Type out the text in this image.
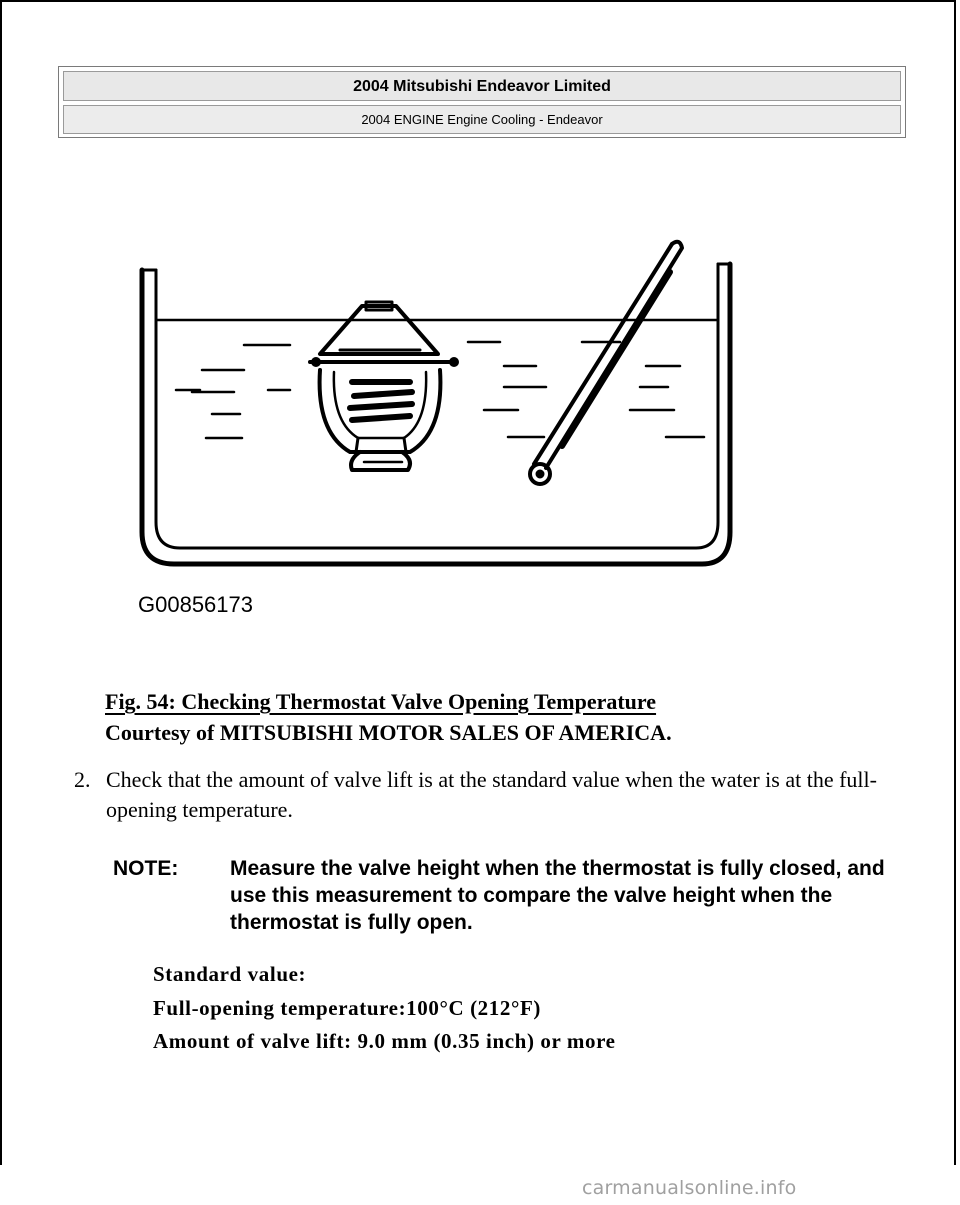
2004 Mitsubishi Endeavor Limited
2004 ENGINE Engine Cooling - Endeavor
G00856173
Fig. 54: Checking Thermostat Valve Opening Temperature
Courtesy of MITSUBISHI MOTOR SALES OF AMERICA.
2. Check that the amount of valve lift is at the standard value when the water is at the full-opening temperature.
NOTE: Measure the valve height when the thermostat is fully closed, and use this measurement to compare the valve height when the thermostat is fully open.
Standard value:
Full-opening temperature:100°C (212°F)
Amount of valve lift: 9.0 mm (0.35 inch) or more
carmanualsonline.info
